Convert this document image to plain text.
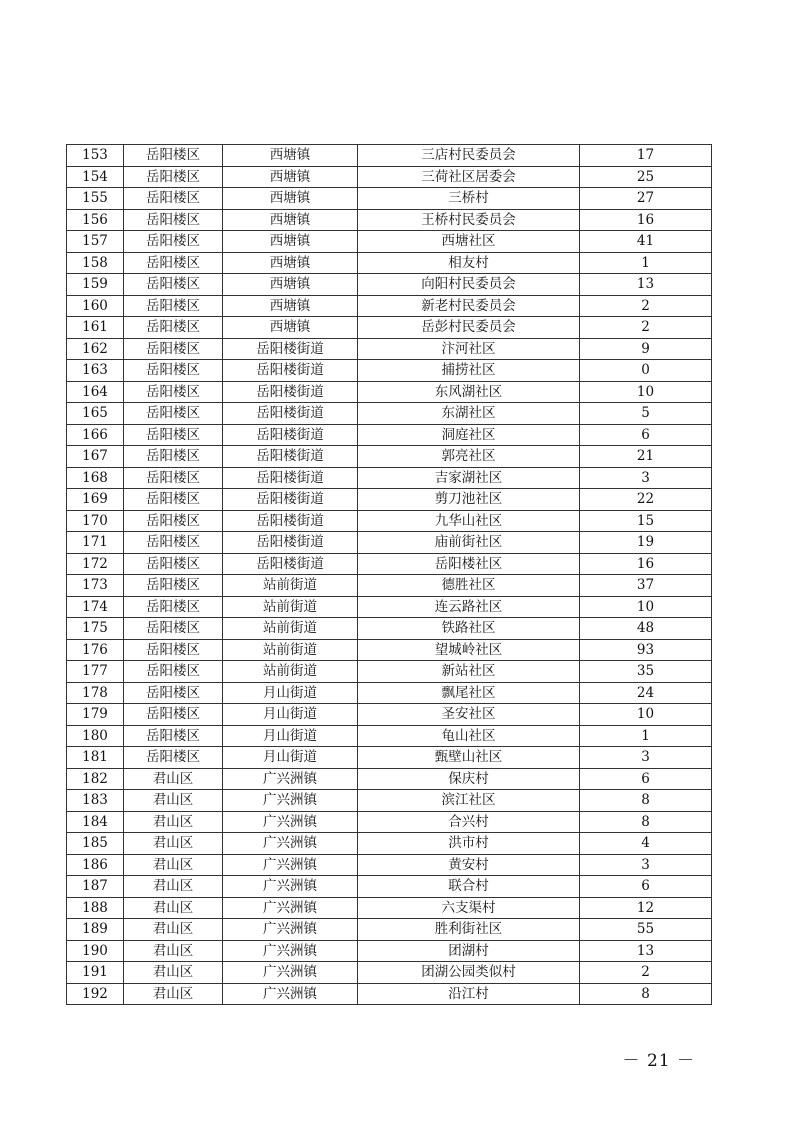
153	岳阳楼区	西塘镇	三店村民委员会	17
154	岳阳楼区	西塘镇	三荷社区居委会	25
155	岳阳楼区	西塘镇	三桥村	27
156	岳阳楼区	西塘镇	王桥村民委员会	16
157	岳阳楼区	西塘镇	西塘社区	41
158	岳阳楼区	西塘镇	相友村	1
159	岳阳楼区	西塘镇	向阳村民委员会	13
160	岳阳楼区	西塘镇	新老村民委员会	2
161	岳阳楼区	西塘镇	岳彭村民委员会	2
162	岳阳楼区	岳阳楼街道	汴河社区	9
163	岳阳楼区	岳阳楼街道	捕捞社区	0
164	岳阳楼区	岳阳楼街道	东风湖社区	10
165	岳阳楼区	岳阳楼街道	东湖社区	5
166	岳阳楼区	岳阳楼街道	洞庭社区	6
167	岳阳楼区	岳阳楼街道	郭亮社区	21
168	岳阳楼区	岳阳楼街道	吉家湖社区	3
169	岳阳楼区	岳阳楼街道	剪刀池社区	22
170	岳阳楼区	岳阳楼街道	九华山社区	15
171	岳阳楼区	岳阳楼街道	庙前街社区	19
172	岳阳楼区	岳阳楼街道	岳阳楼社区	16
173	岳阳楼区	站前街道	德胜社区	37
174	岳阳楼区	站前街道	连云路社区	10
175	岳阳楼区	站前街道	铁路社区	48
176	岳阳楼区	站前街道	望城岭社区	93
177	岳阳楼区	站前街道	新站社区	35
178	岳阳楼区	月山街道	飘尾社区	24
179	岳阳楼区	月山街道	圣安社区	10
180	岳阳楼区	月山街道	龟山社区	1
181	岳阳楼区	月山街道	甄壁山社区	3
182	君山区	广兴洲镇	保庆村	6
183	君山区	广兴洲镇	滨江社区	8
184	君山区	广兴洲镇	合兴村	8
185	君山区	广兴洲镇	洪市村	4
186	君山区	广兴洲镇	黄安村	3
187	君山区	广兴洲镇	联合村	6
188	君山区	广兴洲镇	六支渠村	12
189	君山区	广兴洲镇	胜利街社区	55
190	君山区	广兴洲镇	团湖村	13
191	君山区	广兴洲镇	团湖公园类似村	2
192	君山区	广兴洲镇	沿江村	8
－ 21 －
